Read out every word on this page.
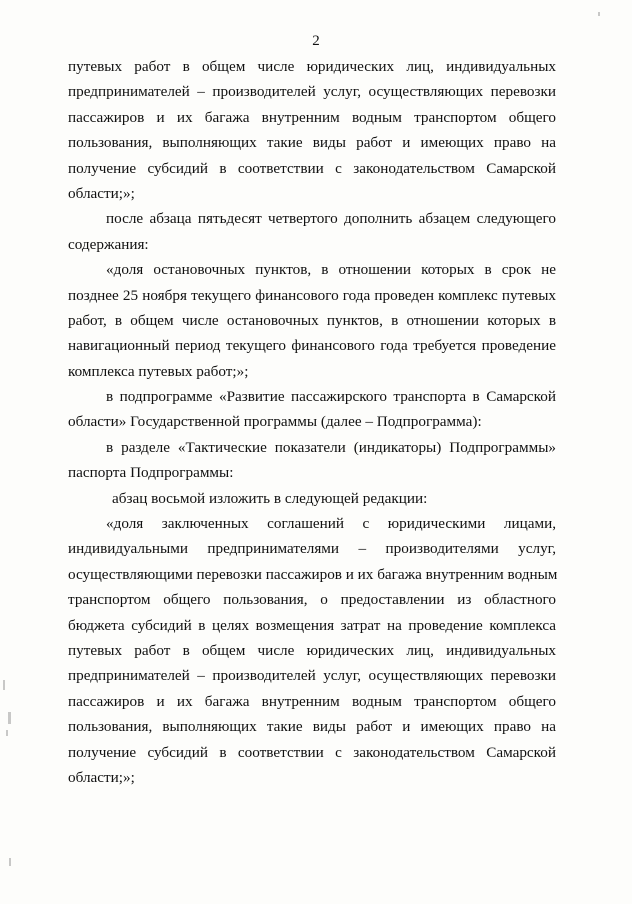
2

путевых работ в общем числе юридических лиц, индивидуальных
предпринимателей – производителей услуг, осуществляющих перевозки
пассажиров и их багажа внутренним водным транспортом общего
пользования, выполняющих такие виды работ и имеющих право на
получение субсидий в соответствии с законодательством Самарской
области;»;

после абзаца пятьдесят четвертого дополнить абзацем следующего
содержания:

«доля остановочных пунктов, в отношении которых в срок не
позднее 25 ноября текущего финансового года проведен комплекс путевых
работ, в общем числе остановочных пунктов, в отношении которых в
навигационный период текущего финансового года требуется проведение
комплекса путевых работ;»;

в подпрограмме «Развитие пассажирского транспорта в Самарской
области» Государственной программы (далее – Подпрограмма):

в разделе «Тактические показатели (индикаторы) Подпрограммы»
паспорта Подпрограммы:

абзац восьмой изложить в следующей редакции:

«доля заключенных соглашений с юридическими лицами,
индивидуальными предпринимателями – производителями услуг,
осуществляющими перевозки пассажиров и их багажа внутренним водным
транспортом общего пользования, о предоставлении из областного
бюджета субсидий в целях возмещения затрат на проведение комплекса
путевых работ в общем числе юридических лиц, индивидуальных
предпринимателей – производителей услуг, осуществляющих перевозки
пассажиров и их багажа внутренним водным транспортом общего
пользования, выполняющих такие виды работ и имеющих право на
получение субсидий в соответствии с законодательством Самарской
области;»;
